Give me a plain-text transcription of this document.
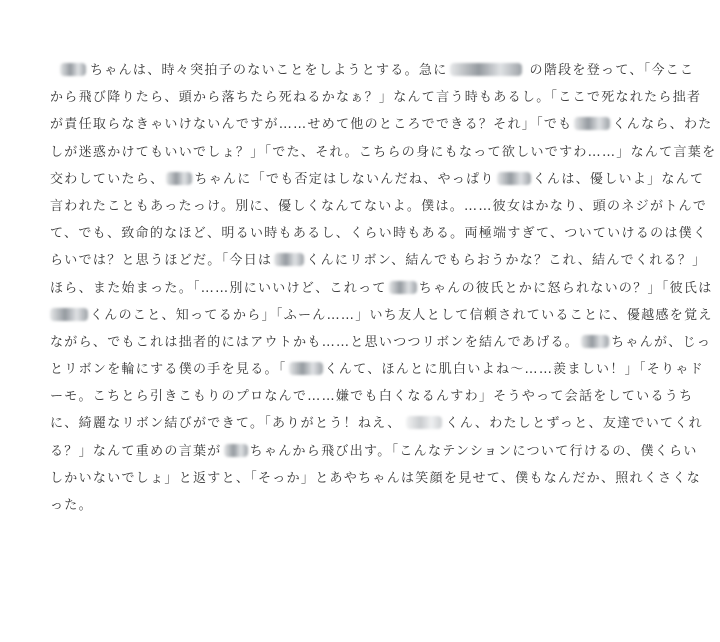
ちゃんは、時々突拍子のないことをしようとする。急に	の階段を登って、「今ここ
から飛び降りたら、頭から落ちたら死ねるかなぁ？」なんて言う時もあるし。「ここで死なれたら拙者
が責任取らなきゃいけないんですが……せめて他のところでできる？それ」「でも	くんなら、わた
しが迷惑かけてもいいでしょ？」「でた、それ。こちらの身にもなって欲しいですわ……」なんて言葉を
交わしていたら、 ちゃんに「でも否定はしないんだね、やっぱり	くんは、優しいよ」なんて
言われたこともあったっけ。別に、優しくなんてないよ。僕は。……彼女はかなり、頭のネジがトんで
て、でも、致命的なほど、明るい時もあるし、くらい時もある。両極端すぎて、ついていけるのは僕く
らいでは？と思うほどだ。「今日は	くんにリボン、結んでもらおうかな？これ、結んでくれる？」
ほら、また始まった。「……別にいいけど、これって ちゃんの彼氏とかに怒られないの？」「彼氏は
くんのこと、知ってるから」「ふーん……」いち友人として信頼されていることに、優越感を覚え
ながら、でもこれは拙者的にはアウトかも……と思いつつリボンを結んであげる。 ちゃんが、じっ
とリボンを輪にする僕の手を見る。「	くんて、ほんとに肌白いよね〜……羨ましい！」「そりゃド
ーモ。こちとら引きこもりのプロなんで……嫌でも白くなるんすわ」そうやって会話をしているうち
に、綺麗なリボン結びができて。「ありがとう！ねえ、	くん、わたしとずっと、友達でいてくれ
る？」なんて重めの言葉が ちゃんから飛び出す。「こんなテンションについて行けるの、僕くらい
しかいないでしょ」と返すと、「そっか」とあやちゃんは笑顔を見せて、僕もなんだか、照れくさくな
った。
